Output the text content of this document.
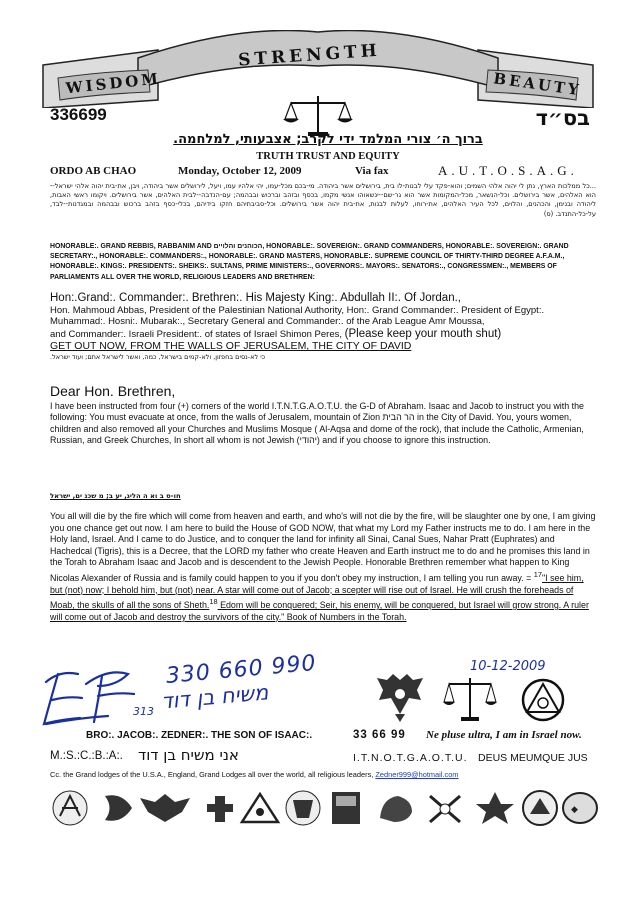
WISDOM
STRENGTH
BEAUTY
336699	בס״ד
ברוך ה׳ צורי המלמד ידי לקרב; אצבעותי, למלחמה.
TRUTH TRUST AND EQUITY
ORDO AB CHAO	Monday, October 12, 2009	Via fax	A.U.T.O.S.A.G.
...כל ממלכות הארץ, נתן לי יהוה אלהי השמים; והוא-פקד עלי לבנות-לו בית, בירושלים אשר ביהודה. מי-בכם מכל-עמו, יהי אלהיו עמו, ויעל, לירושלים אשר ביהודה, ויבן, את-בית יהוה אלהי ישראל--הוא האלהים, אשר בירושלים. וכל-הנשאר, מכל-המקומות אשר הוא גר-שם--ינשאוהו אנשי מקמו, בכסף ובזהב וברכוש ובבהמה; עם-הנדבה--לבית האלהים, אשר בירושלים. ויקומו ראשי האבות, ליהודה ובנימן, והכהנים, והלוים, לכל העיר האלהים, את-רוחו, לעלות לבנות, את-בית יהוה אשר בירושלים. וכל-סביבתיהם חזקו בידיהם, בכלי-כסף בזהב ברכוש ובבהמה ובמגדנות--לבד, על-כל-התנדב. (ס)
HONORABLE:. GRAND REBBIS, RABBANIM AND הכוהנים והלויים, HONORABLE:. SOVEREIGN:. GRAND COMMANDERS, HONORABLE:. SOVEREIGN:. GRAND SECRETARY:., HONORABLE:. COMMANDERS:., HONORABLE:. GRAND MASTERS, HONORABLE:. SUPREME COUNCIL OF THIRTY-THIRD DEGREE A.F.A.M., HONORABLE:. KINGS:. PRESIDENTS:. SHEIKS:. SULTANS, PRIME MINISTERS:., GOVERNORS:. MAYORS:. SENATORS:., CONGRESSMEN:., MEMBERS OF PARLIAMENTS ALL OVER THE WORLD, RELIGIOUS LEADERS AND BRETHREN:

Hon:.Grand:. Commander:. Brethren:. His Majesty King:. Abdullah II:. Of Jordan.,

Hon. Mahmoud Abbas, President of the Palestinian National Authority, Hon:. Grand Commander:. President of Egypt:. Muhammad:. Hosni:. Mubarak:., Secretary General and Commander:. of the Arab League Amr Moussa,

and Commander:. Israeli President:. of states of Israel Shimon Peres, (Please keep your mouth shut)

GET OUT NOW, FROM THE WALLS OF JERUSALEM, THE CITY OF DAVID

כי לא-נסים בחפזון, ולא-קמים בישראל, כמה, ואשר לישראל אתם; ועוד ישראל.

Dear Hon. Brethren,
I have been instructed from four (+) corners of the world I.T.N.T.G.A.O.T.U. the G-D of Abraham. Isaac and Jacob to instruct you with the following: You must evacuate at once, from the walls of Jerusalem, mountain of Zion הר הבית in the City of David. You, yours women, children and also removed all your Churches and Muslims Mosque ( Al-Aqsa and dome of the rock), that include the Catholic, Armenian, Russian, and Greek Churches, In short all whom is not Jewish (יהודי) and if you choose to ignore this instruction.
חו-ס ב וא ה הליג, יע ב; מ שכנ ים, ישראל
You all will die by the fire which will come from heaven and earth, and who's will not die by the fire, will be slaughter one by one, I am giving you one chance get out now. I am here to build the House of GOD NOW, that what my Lord my Father instructs me to do. I am here in the Holy land, Israel. And I came to do Justice, and to conquer the land for infinity all Sinai, Canal Sues, Nahar Pratt (Euphrates) and Hachedcal (Tigris), this is a Decree, that the LORD my father who create Heaven and Earth instruct me to do and he promises this land in the Torah to Abraham Isaac and Jacob and is descendent to the Jewish People. Honorable Brethren remember what happen to King Nicolas Alexander of Russia and is family could happen to you if you don't obey my instruction, I am telling you run away. = $^{17}$"I see him, but (not) now; I behold him, but (not) near. A star will come out of Jacob; a scepter will rise out of Israel. He will crush the foreheads of Moab, the skulls of all the sons of Sheth.$^{18}$ Edom will be conquered; Seir, his enemy, will be conquered, but Israel will grow strong. A ruler will come out of Jacob and destroy the survivors of the city." Book of Numbers in the Torah.
330 660 990	10-12-2009
משיח בן דוד
313
BRO:. JACOB:. ZEDNER:. THE SON OF ISAAC:.	33 66 99 Ne pluse ultra, I am in Israel now.
M.:S.:C.:B.:A:. אני משיח בן דוד	I.T.N.O.T.G.A.O.T.U. DEUS MEUMQUE JUS
Cc. the Grand lodges of the U.S.A., England, Grand Lodges all over the world, all religious leaders, Zedner999@hotmail.com
◆
